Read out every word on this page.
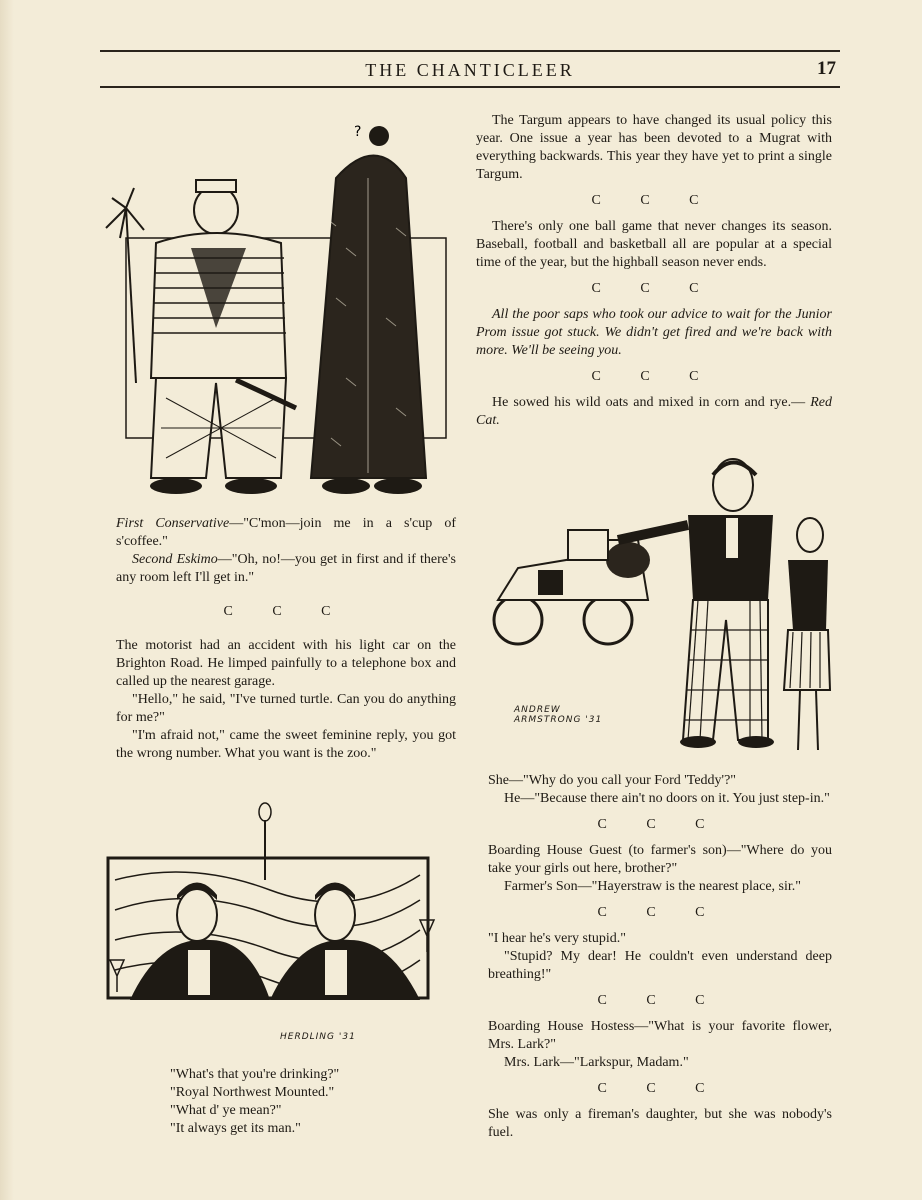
THE CHANTICLEER	17
?

First Conservative—"C'mon—join me in a s'cup of s'coffee."

Second Eskimo—"Oh, no!—you get in first and if there's any room left I'll get in."

C C C

The motorist had an accident with his light car on the Brighton Road. He limped painfully to a telephone box and called up the nearest garage.

"Hello," he said, "I've turned turtle. Can you do anything for me?"

"I'm afraid not," came the sweet feminine reply, you got the wrong number. What you want is the zoo."

HERDLING '31

"What's that you're drinking?"

"Royal Northwest Mounted."

"What d' ye mean?"

"It always get its man."

The Targum appears to have changed its usual policy this year. One issue a year has been devoted to a Mugrat with everything backwards. This year they have yet to print a single Targum.

C C C

There's only one ball game that never changes its season. Baseball, football and basketball all are popular at a special time of the year, but the highball season never ends.

C C C

All the poor saps who took our advice to wait for the Junior Prom issue got stuck. We didn't get fired and we're back with more. We'll be seeing you.

C C C

He sowed his wild oats and mixed in corn and rye.— Red Cat.

ANDREW
ARMSTRONG '31

She—"Why do you call your Ford 'Teddy'?"

He—"Because there ain't no doors on it. You just step-in."

C C C

Boarding House Guest (to farmer's son)—"Where do you take your girls out here, brother?"

Farmer's Son—"Hayerstraw is the nearest place, sir."

C C C

"I hear he's very stupid."

"Stupid? My dear! He couldn't even understand deep breathing!"

C C C

Boarding House Hostess—"What is your favorite flower, Mrs. Lark?"

Mrs. Lark—"Larkspur, Madam."

C C C

She was only a fireman's daughter, but she was nobody's fuel.
